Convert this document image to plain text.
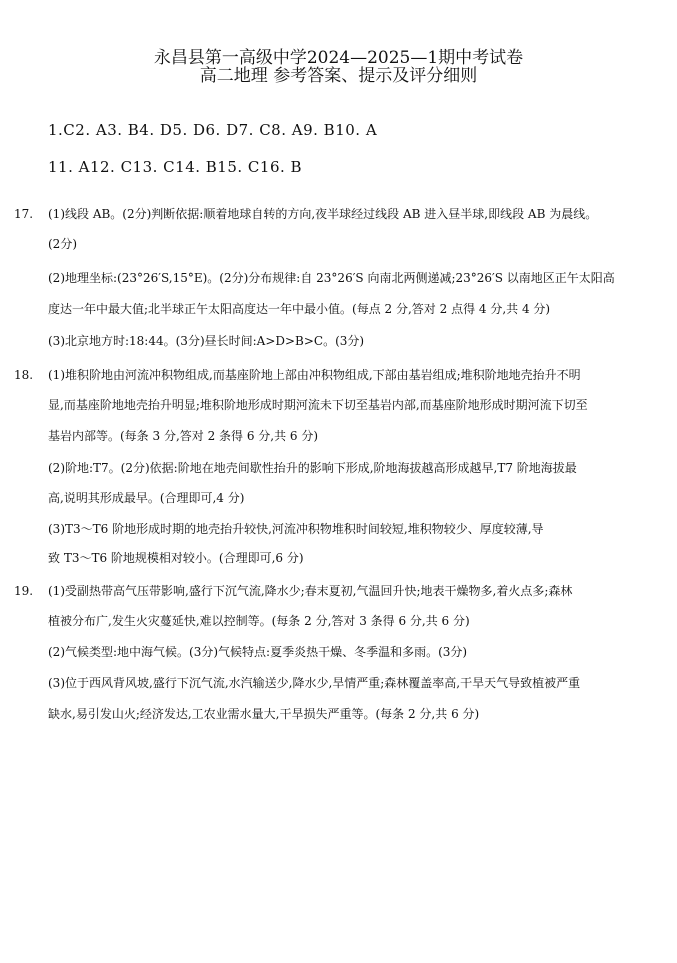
永昌县第一高级中学2024—2025—1期中考试卷
高二地理 参考答案、提示及评分细则
1.C2. A3. B4. D5. D6. D7. C8. A9. B10. A
11. A12. C13. C14. B15. C16. B
17. (1)线段 AB。(2分)判断依据:顺着地球自转的方向,夜半球经过线段 AB 进入昼半球,即线段 AB 为晨线。
(2分)
(2)地理坐标:(23°26′S,15°E)。(2分)分布规律:自 23°26′S 向南北两侧递减;23°26′S 以南地区正午太阳高
度达一年中最大值;北半球正午太阳高度达一年中最小值。(每点 2 分,答对 2 点得 4 分,共 4 分)
(3)北京地方时:18:44。(3分)昼长时间:A>D>B>C。(3分)
18. (1)堆积阶地由河流冲积物组成,而基座阶地上部由冲积物组成,下部由基岩组成;堆积阶地地壳抬升不明
显,而基座阶地地壳抬升明显;堆积阶地形成时期河流未下切至基岩内部,而基座阶地形成时期河流下切至
基岩内部等。(每条 3 分,答对 2 条得 6 分,共 6 分)
(2)阶地:T7。(2分)依据:阶地在地壳间歇性抬升的影响下形成,阶地海拔越高形成越早,T7 阶地海拔最
高,说明其形成最早。(合理即可,4 分)
(3)T3～T6 阶地形成时期的地壳抬升较快,河流冲积物堆积时间较短,堆积物较少、厚度较薄,导
致 T3～T6 阶地规模相对较小。(合理即可,6 分)
19. (1)受副热带高气压带影响,盛行下沉气流,降水少;春末夏初,气温回升快;地表干燥物多,着火点多;森林
植被分布广,发生火灾蔓延快,难以控制等。(每条 2 分,答对 3 条得 6 分,共 6 分)
(2)气候类型:地中海气候。(3分)气候特点:夏季炎热干燥、冬季温和多雨。(3分)
(3)位于西风背风坡,盛行下沉气流,水汽输送少,降水少,旱情严重;森林覆盖率高,干旱天气导致植被严重
缺水,易引发山火;经济发达,工农业需水量大,干旱损失严重等。(每条 2 分,共 6 分)
